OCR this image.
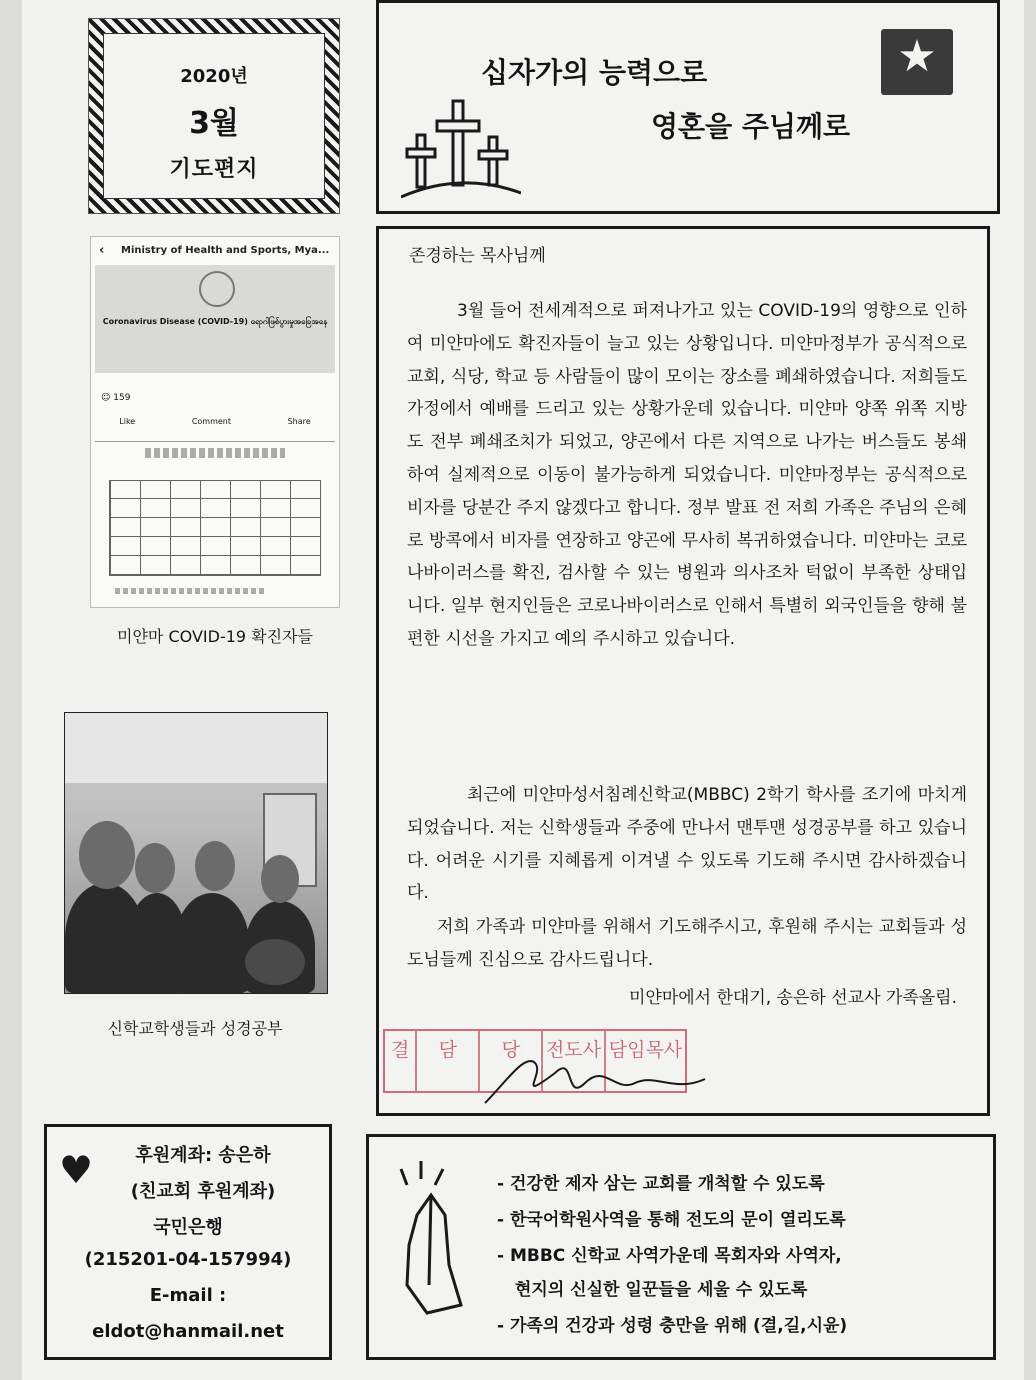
2020년
3월
기도편지
‹ Ministry of Health and Sports, Mya...
Coronavirus Disease (COVID-19) ရောဂါဖြစ်ပွားမှုအခြေအနေ
☺ 159
Like	Comment	Share
미얀마 COVID-19 확진자들
신학교학생들과 성경공부
♥	후원계좌: 송은하
(친교회 후원계좌)
국민은행
(215201-04-157994)
E-mail :
eldot@hanmail.net
십자가의 능력으로
영혼을 주님께로
★
존경하는 목사님께

3월 들어 전세계적으로 퍼져나가고 있는 COVID-19의 영향으로 인하여 미얀마에도 확진자들이 늘고 있는 상황입니다. 미얀마정부가 공식적으로 교회, 식당, 학교 등 사람들이 많이 모이는 장소를 폐쇄하였습니다. 저희들도 가정에서 예배를 드리고 있는 상황가운데 있습니다. 미얀마 양쪽 위쪽 지방도 전부 폐쇄조치가 되었고, 양곤에서 다른 지역으로 나가는 버스들도 봉쇄하여 실제적으로 이동이 불가능하게 되었습니다. 미얀마정부는 공식적으로 비자를 당분간 주지 않겠다고 합니다. 정부 발표 전 저희 가족은 주님의 은혜로 방콕에서 비자를 연장하고 양곤에 무사히 복귀하였습니다. 미얀마는 코로나바이러스를 확진, 검사할 수 있는 병원과 의사조차 턱없이 부족한 상태입니다. 일부 현지인들은 코로나바이러스로 인해서 특별히 외국인들을 향해 불편한 시선을 가지고 예의 주시하고 있습니다.

최근에 미얀마성서침례신학교(MBBC) 2학기 학사를 조기에 마치게 되었습니다. 저는 신학생들과 주중에 만나서 맨투맨 성경공부를 하고 있습니다. 어려운 시기를 지혜롭게 이겨낼 수 있도록 기도해 주시면 감사하겠습니다.

저희 가족과 미얀마를 위해서 기도해주시고, 후원해 주시는 교회들과 성도님들께 진심으로 감사드립니다.

미얀마에서 한대기, 송은하 선교사 가족올림.
결	담	당	전도사 담임목사
- 건강한 제자 삼는 교회를 개척할 수 있도록
- 한국어학원사역을 통해 전도의 문이 열리도록
- MBBC 신학교 사역가운데 목회자와 사역자,
현지의 신실한 일꾼들을 세울 수 있도록
- 가족의 건강과 성령 충만을 위해 (결,길,시윤)
